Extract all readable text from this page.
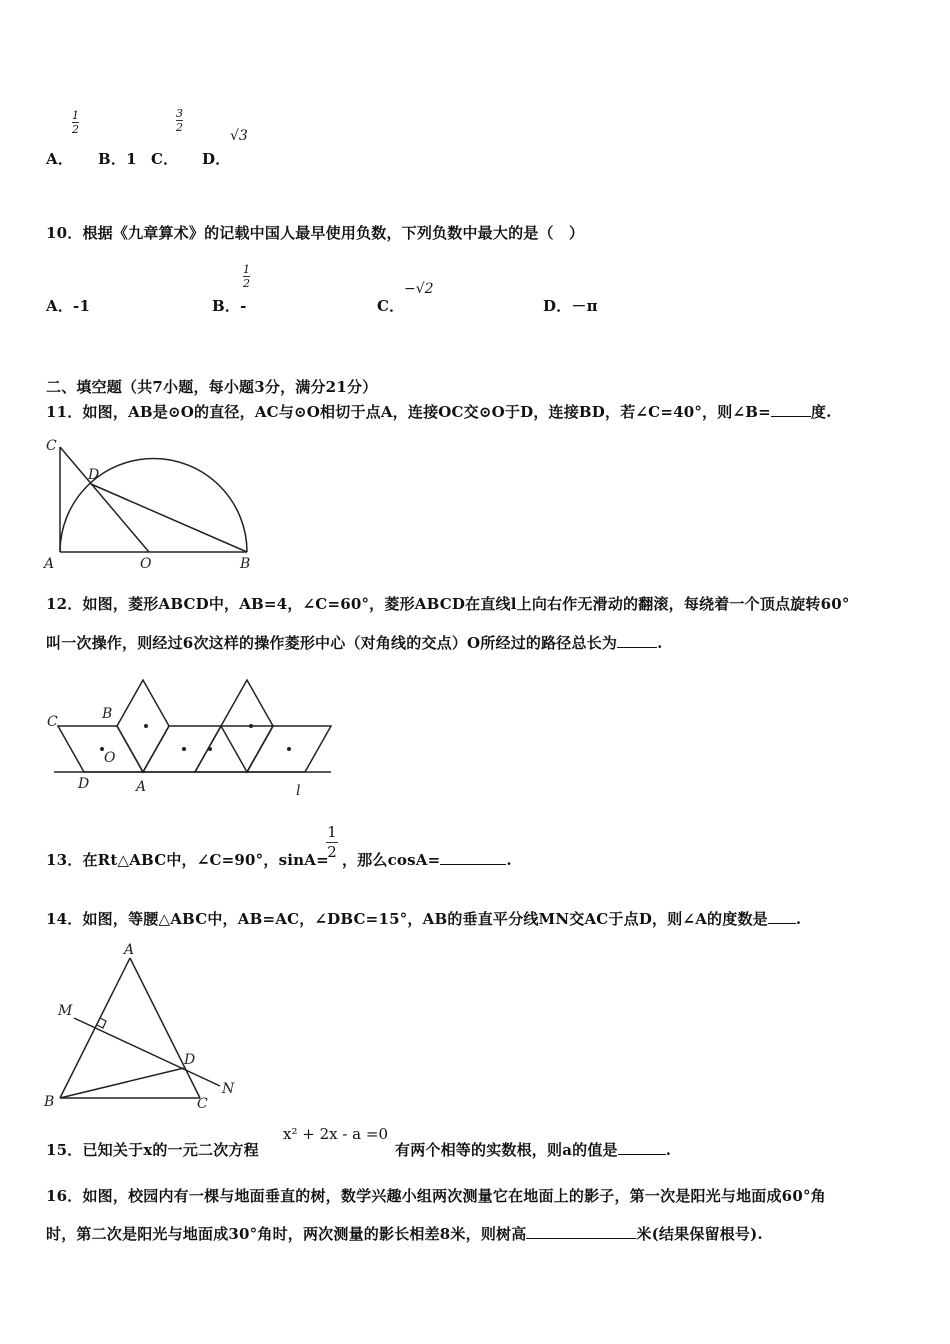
1
2
A． B．1 C．
3
2
D．
√3
10．根据《九章算术》的记载中国人最早使用负数，下列负数中最大的是（　）
A．-1
1
2
B．-	C．
−√2
D．－π
二、填空题（共7小题，每小题3分，满分21分）
11．如图，AB是⊙O的直径，AC与⊙O相切于点A，连接OC交⊙O于D，连接BD，若∠C=40°，则∠B=	度.
C
D
A	O	B
12．如图，菱形ABCD中，AB=4，∠C=60°，菱形ABCD在直线l上向右作无滑动的翻滚，每绕着一个顶点旋转60°
叫一次操作，则经过6次这样的操作菱形中心（对角线的交点）O所经过的路径总长为	.
C	B
O
D	A	l
13．在Rt△ABC中，∠C=90°，sinA=
1
2 ，那么cosA=	.
14．如图，等腰△ABC中，AB=AC，∠DBC=15°，AB的垂直平分线MN交AC于点D，则∠A的度数是 .
A
M
D
N
B	C
15．已知关于x的一元二次方程
x² + 2x - a =0
有两个相等的实数根，则a的值是	.
16．如图，校园内有一棵与地面垂直的树，数学兴趣小组两次测量它在地面上的影子，第一次是阳光与地面成60°角
时，第二次是阳光与地面成30°角时，两次测量的影长相差8米，则树高	米(结果保留根号).
